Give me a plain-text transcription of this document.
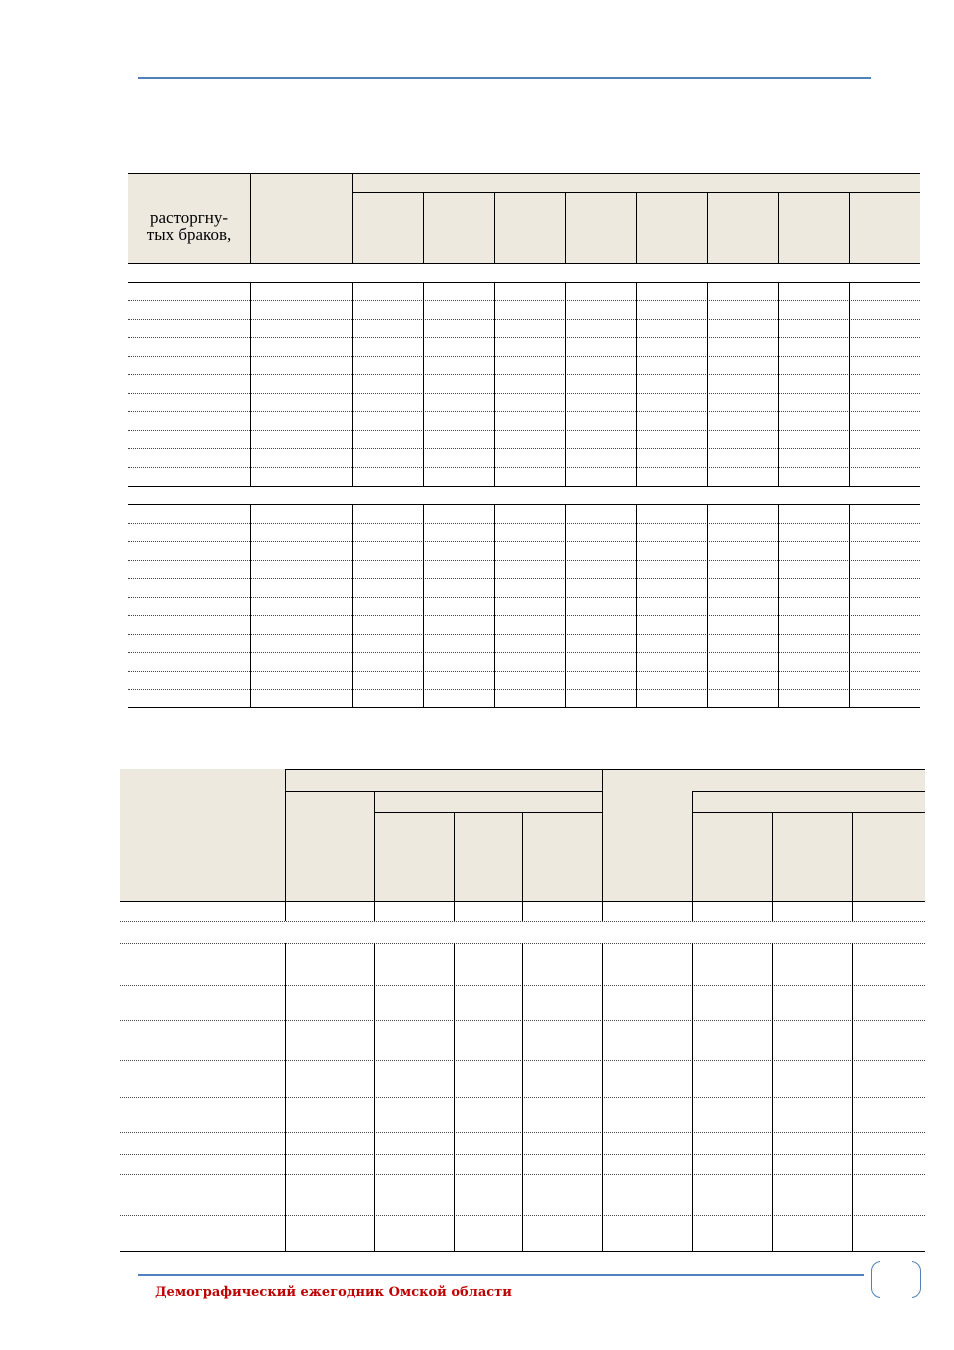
расторгну-
тых браков,
Демографический ежегодник Омской области
